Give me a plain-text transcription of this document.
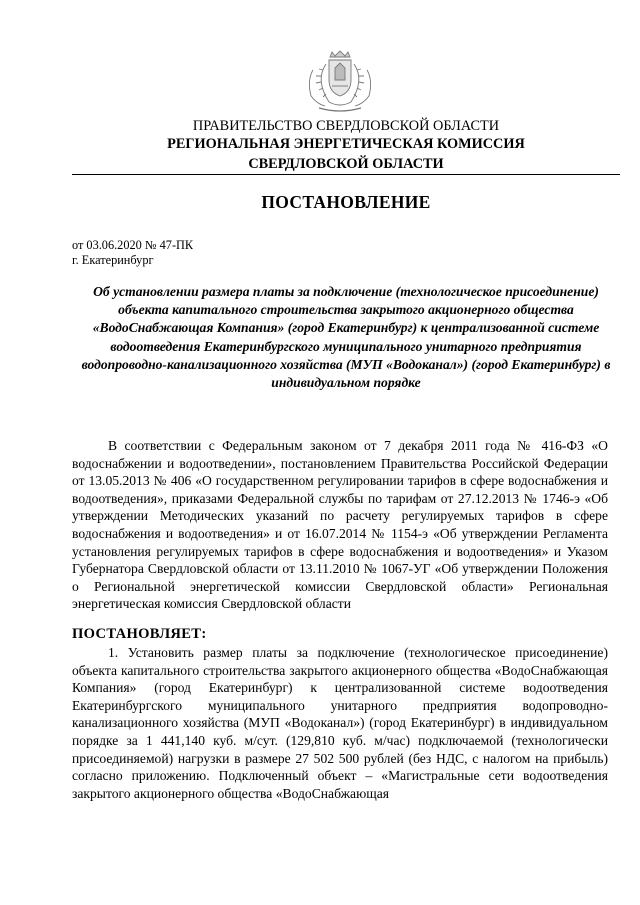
ПРАВИТЕЛЬСТВО СВЕРДЛОВСКОЙ ОБЛАСТИ

РЕГИОНАЛЬНАЯ ЭНЕРГЕТИЧЕСКАЯ КОМИССИЯ

СВЕРДЛОВСКОЙ ОБЛАСТИ

ПОСТАНОВЛЕНИЕ

от 03.06.2020 № 47-ПК

г. Екатеринбург

Об установлении размера платы за подключение (технологическое присоединение) объекта капитального строительства закрытого акционерного общества «ВодоСнабжающая Компания» (город Екатеринбург) к централизованной системе водоотведения Екатеринбургского муниципального унитарного предприятия водопроводно-канализационного хозяйства (МУП «Водоканал») (город Екатеринбург) в индивидуальном порядке

В соответствии с Федеральным законом от 7 декабря 2011 года № 416-ФЗ «О водоснабжении и водоотведении», постановлением Правительства Российской Федерации от 13.05.2013 № 406 «О государственном регулировании тарифов в сфере водоснабжения и водоотведения», приказами Федеральной службы по тарифам от 27.12.2013 № 1746-э «Об утверждении Методических указаний по расчету регулируемых тарифов в сфере водоснабжения и водоотведения» и от 16.07.2014 № 1154-э «Об утверждении Регламента установления регулируемых тарифов в сфере водоснабжения и водоотведения» и Указом Губернатора Свердловской области от 13.11.2010 № 1067-УГ «Об утверждении Положения о Региональной энергетической комиссии Свердловской области» Региональная энергетическая комиссия Свердловской области

ПОСТАНОВЛЯЕТ:

1. Установить размер платы за подключение (технологическое присоединение) объекта капитального строительства закрытого акционерного общества «ВодоСнабжающая Компания» (город Екатеринбург) к централизованной системе водоотведения Екатеринбургского муниципального унитарного предприятия водопроводно-канализационного хозяйства (МУП «Водоканал») (город Екатеринбург) в индивидуальном порядке за 1 441,140 куб. м/сут. (129,810 куб. м/час) подключаемой (технологически присоединяемой) нагрузки в размере 27 502 500 рублей (без НДС, с налогом на прибыль) согласно приложению. Подключенный объект – «Магистральные сети водоотведения закрытого акционерного общества «ВодоСнабжающая
